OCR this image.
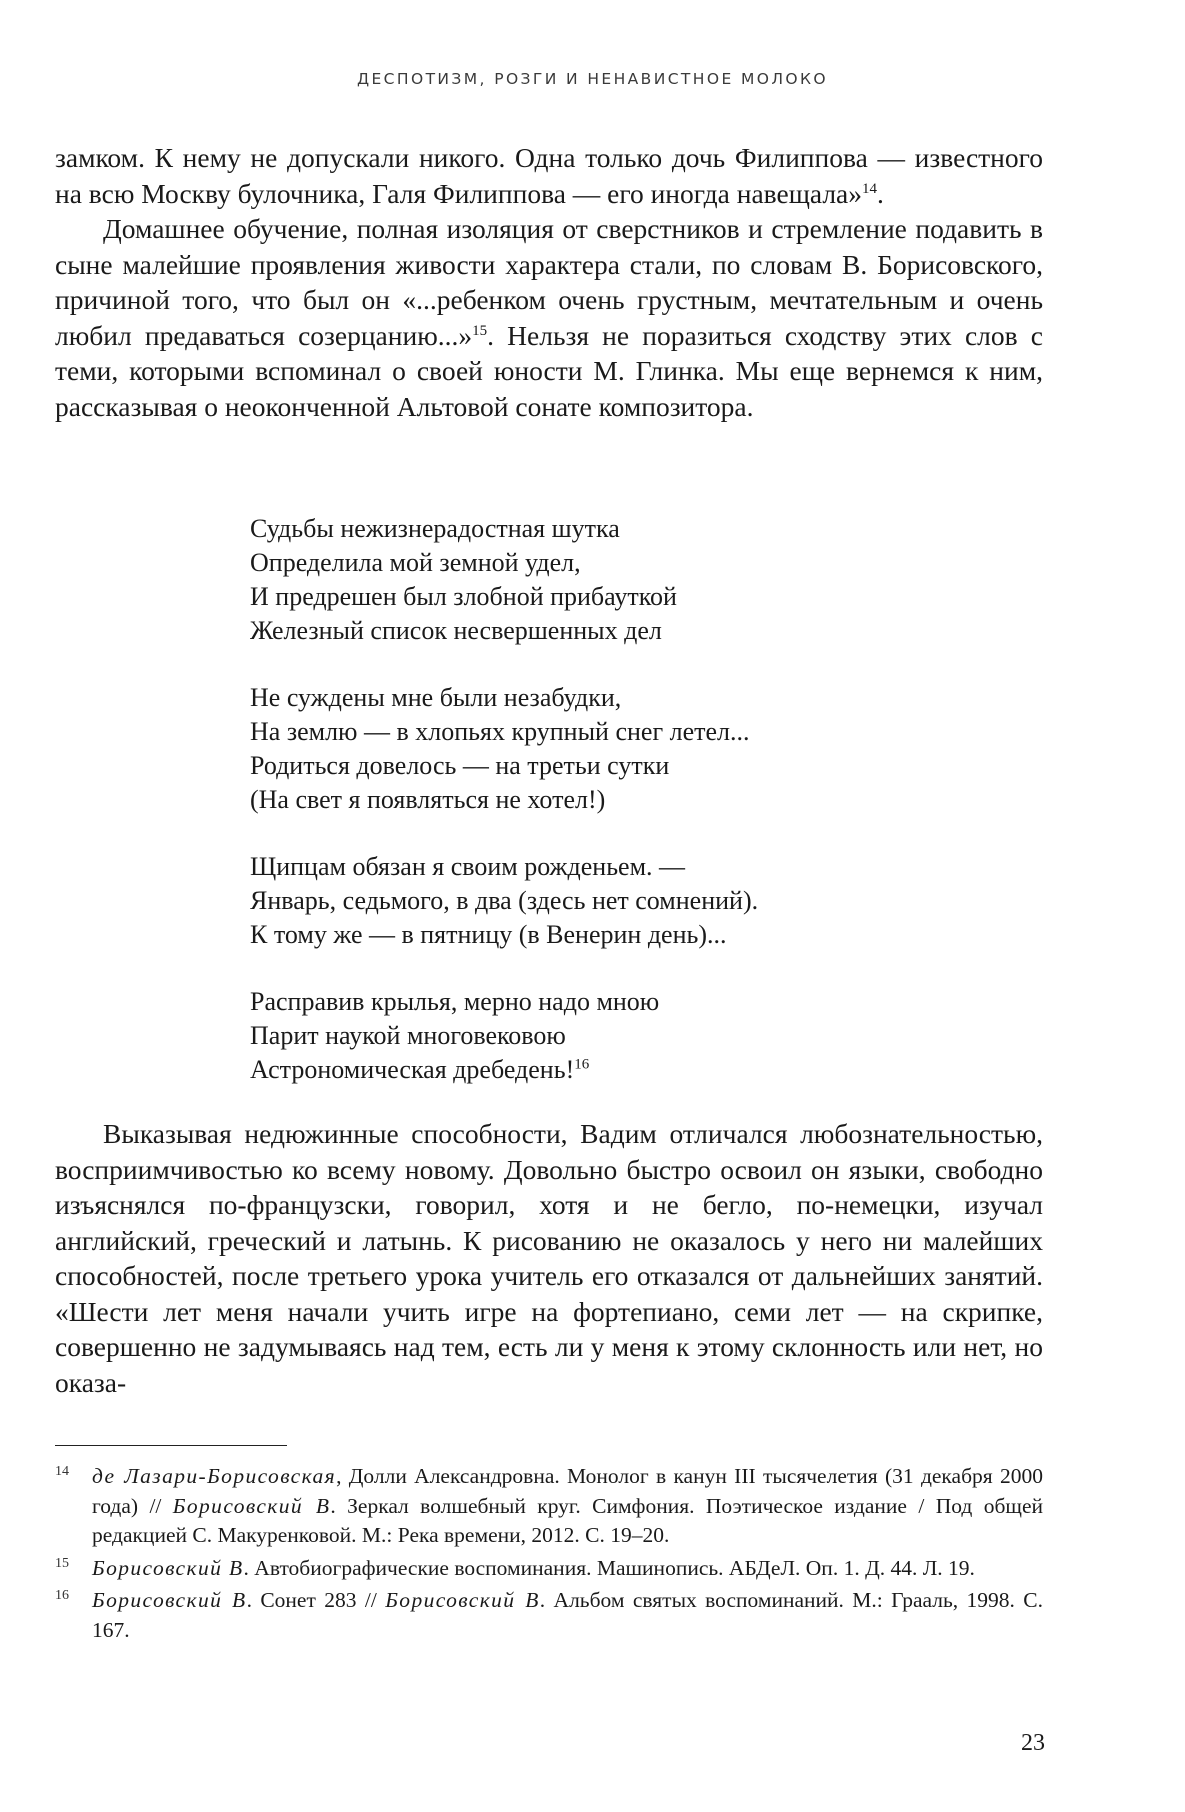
ДЕСПОТИЗМ, РОЗГИ И НЕНАВИСТНОЕ МОЛОКО

замком. К нему не допускали никого. Одна только дочь Филиппова — известного на всю Москву булочника, Галя Филиппова — его иногда навещала»$^{14}$.

Домашнее обучение, полная изоляция от сверстников и стремление подавить в сыне малейшие проявления живости характера стали, по словам В. Борисовского, причиной того, что был он «...ребенком очень грустным, мечтательным и очень любил предаваться созерцанию...»$^{15}$. Нельзя не поразиться сходству этих слов с теми, которыми вспоминал о своей юности М. Глинка. Мы еще вернемся к ним, рассказывая о неоконченной Альтовой сонате композитора.

Судьбы нежизнерадостная шутка
Определила мой земной удел,
И предрешен был злобной прибауткой
Железный список несвершенных дел
Не суждены мне были незабудки,
На землю — в хлопьях крупный снег летел...
Родиться довелось — на третьи сутки
(На свет я появляться не хотел!)
Щипцам обязан я своим рожденьем. —
Январь, седьмого, в два (здесь нет сомнений).
К тому же — в пятницу (в Венерин день)...
Расправив крылья, мерно надо мною
Парит наукой многовековою
Астрономическая дребедень!$^{16}$

Выказывая недюжинные способности, Вадим отличался любознательностью, восприимчивостью ко всему новому. Довольно быстро освоил он языки, свободно изъяснялся по-французски, говорил, хотя и не бегло, по-немецки, изучал английский, греческий и латынь. К рисованию не оказалось у него ни малейших способностей, после третьего урока учитель его отказался от дальнейших занятий. «Шести лет меня начали учить игре на фортепиано, семи лет — на скрипке, совершенно не задумываясь над тем, есть ли у меня к этому склонность или нет, но оказа-

14 де Лазари-Борисовская, Долли Александровна. Монолог в канун III тысячелетия (31 декабря 2000 года) // Борисовский В. Зеркал волшебный круг. Симфония. Поэтическое издание / Под общей редакцией С. Макуренковой. М.: Река времени, 2012. С. 19–20.
15 Борисовский В. Автобиографические воспоминания. Машинопись. АБДеЛ. Оп. 1. Д. 44. Л. 19.
16 Борисовский В. Сонет 283 // Борисовский В. Альбом святых воспоминаний. М.: Грааль, 1998. С. 167.
23
